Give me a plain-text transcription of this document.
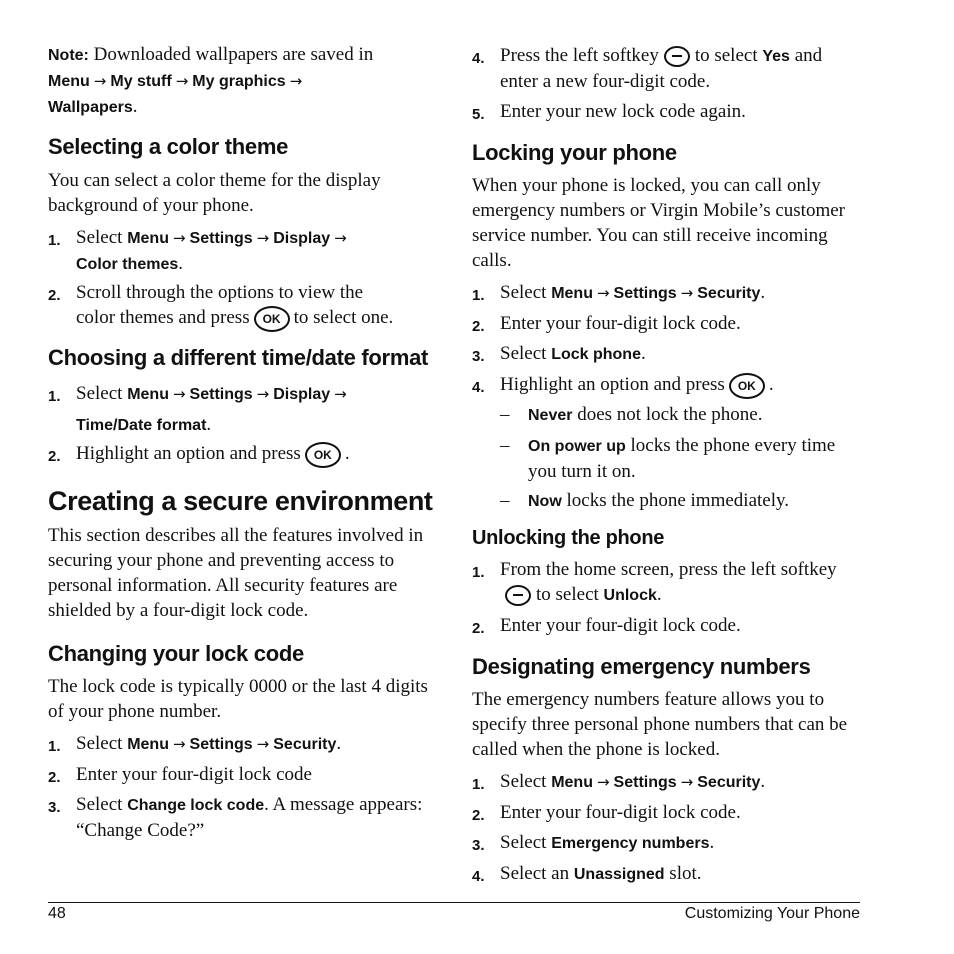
Note: Downloaded wallpapers are saved in
Menu → My stuff → My graphics →
Wallpapers.
Selecting a color theme
You can select a color theme for the display
background of your phone.
1. Select Menu → Settings → Display →
Color themes.
2. Scroll through the options to view the
color themes and press OK to select one.
Choosing a different time/date format
1. Select Menu → Settings → Display →
Time/Date format.
2. Highlight an option and press OK .
Creating a secure environment
This section describes all the features involved in
securing your phone and preventing access to
personal information. All security features are
shielded by a four-digit lock code.
Changing your lock code
The lock code is typically 0000 or the last 4 digits
of your phone number.
1. Select Menu → Settings → Security.
2. Enter your four-digit lock code
3. Select Change lock code. A message appears:
“Change Code?”
4. Press the left softkey to select Yes and
enter a new four-digit code.
5. Enter your new lock code again.
Locking your phone
When your phone is locked, you can call only
emergency numbers or Virgin Mobile’s customer
service number. You can still receive incoming
calls.
1. Select Menu → Settings → Security.
2. Enter your four-digit lock code.
3. Select Lock phone.
4. Highlight an option and press OK .
– Never does not lock the phone.
– On power up locks the phone every time
you turn it on.
– Now locks the phone immediately.
Unlocking the phone
1. From the home screen, press the left softkey
to select Unlock.
2. Enter your four-digit lock code.
Designating emergency numbers
The emergency numbers feature allows you to
specify three personal phone numbers that can be
called when the phone is locked.
1. Select Menu → Settings → Security.
2. Enter your four-digit lock code.
3. Select Emergency numbers.
4. Select an Unassigned slot.
48	Customizing Your Phone
